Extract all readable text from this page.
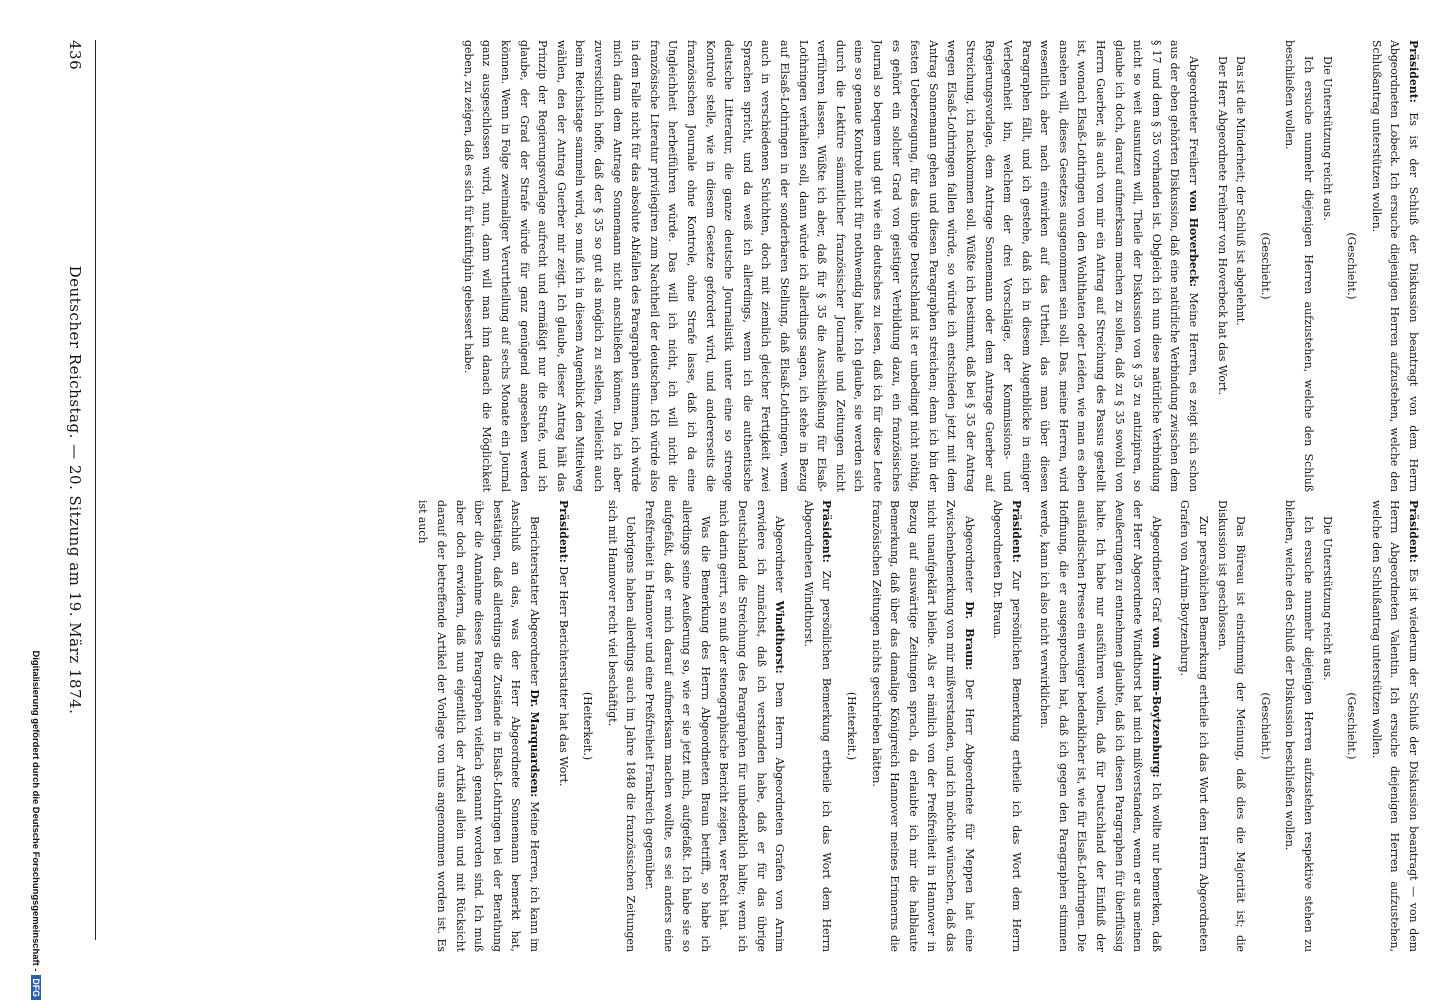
Präsident: Es ist der Schluß der Diskussion beantragt von dem Herrn Abgeordneten Lobeck. Ich ersuche diejenigen Herren aufzustehen, welche den Schlußantrag unterstützen wollen.

(Geschieht.)

Die Unterstützung reicht aus.

Ich ersuche nunmehr diejenigen Herren aufzustehen, welche den Schluß beschließen wollen.

(Geschieht.)

Das ist die Minderheit; der Schluß ist abgelehnt.

Der Herr Abgeordnete Freiherr von Hoverbeck hat das Wort.

Abgeordneter Freiherr von Hoverbeck: Meine Herren, es zeigt sich schon aus der eben gehörten Diskussion, daß eine natürliche Verbindung zwischen dem § 17 und dem § 35 vorhanden ist. Obgleich ich nun diese natürliche Verbindung nicht so weit ausnutzen will, Theile der Diskussion von § 35 zu antizipiren, so glaube ich doch, darauf aufmerksam machen zu sollen, daß zu § 35 sowohl von Herrn Guerber, als auch von mir ein Antrag auf Streichung des Passus gestellt ist, wonach Elsaß-Lothringen von den Wohlthaten oder Leiden, wie man es eben ansehen will, dieses Gesetzes ausgenommen sein soll. Das, meine Herren, wird wesentlich aber nach einwirken auf das Urtheil, das man über diesen Paragraphen fällt, und ich gestehe, daß ich in diesem Augenblicke in einiger Verlegenheit bin, welchem der drei Vorschläge, der Kommissions- und Regierungsvorlage, dem Antrage Sonnemann oder dem Antrage Guerber auf Streichung, ich nachkommen soll. Wüßte ich bestimmt, daß bei § 35 der Antrag wegen Elsaß-Lothringen fallen würde, so würde ich entschieden jetzt mit dem Antrag Sonnemann gehen und diesen Paragraphen streichen; denn ich bin der festen Ueberzeugung, für das übrige Deutschland ist er unbedingt nicht nöthig, es gehört ein solcher Grad von geistiger Verbildung dazu, ein französisches Journal so bequem und gut wie ein deutsches zu lesen, daß ich für diese Leute eine so genaue Kontrole nicht für nothwendig halte. Ich glaube, sie werden sich durch die Lektüre sämmtlicher französischer Journale und Zeitungen nicht verführen lassen. Wüßte ich aber, daß für § 35 die Ausschließung für Elsaß-Lothringen verhalten soll, dann würde ich allerdings sagen, ich stehe in Bezug auf Elsaß-Lothringen in der sonderbaren Stellung, daß Elsaß-Lothringen, wenn auch in verschiedenen Schichten, doch mit ziemlich gleicher Fertigkeit zwei Sprachen spricht, und da weiß ich allerdings, wenn ich die authentische deutsche Litteratur, die ganze deutsche Journalistik unter eine so strenge Kontrole stelle, wie in diesem Gesetze gefordert wird, und andererseits die französischen Journale ohne Kontrole, ohne Strafe lasse, daß ich da eine Ungleichheit herbeiführen würde. Das will ich nicht, ich will nicht die französische Literatur privilegiren zum Nachtheil der deutschen. Ich würde also in dem Falle nicht für das absolute Abfallen des Paragraphen stimmen, ich würde mich dann dem Antrage Sonnemann nicht anschließen können. Da ich aber zuversichtlich hoffe, daß der § 35 so gut als möglich zu stellen, vielleicht auch beim Reichstage sammeln wird, so muß ich in diesem Augenblick den Mittelweg wählen, den der Antrag Guerber mir zeigt. Ich glaube, dieser Antrag hält das Prinzip der Regierungsvorlage aufrecht und ermäßigt nur die Strafe, und ich glaube, der Grad der Strafe würde für ganz genügend angesehen werden können. Wenn in Folge zweimaliger Verurtheilung auf sechs Monate ein Journal ganz ausgeschlossen wird, nun, dann will man ihm danach die Möglichkeit geben, zu zeigen, daß es sich für künftighin gebessert habe.

Präsident: Es ist wiederum der Schluß der Diskussion beantragt — von dem Herrn Abgeordneten Valentin. Ich ersuche diejenigen Herren aufzustehen, welche den Schlußantrag unterstützen wollen.

(Geschieht.)

Die Unterstützung reicht aus.

Ich ersuche nunmehr diejenigen Herren aufzustehen respektive stehen zu bleiben, welche den Schluß der Diskussion beschließen wollen.

(Geschieht.)

Das Büreau ist einstimmig der Meinung, daß dies die Majorität ist; die Diskussion ist geschlossen.

Zur persönlichen Bemerkung ertheile ich das Wort dem Herrn Abgeordneten Grafen von Arnim-Boytzenburg.

Abgeordneter Graf von Arnim-Boytzenburg: Ich wollte nur bemerken, daß der Herr Abgeordnete Windthorst hat mich mißverstanden, wenn er aus meinen Aeußerungen zu entnehmen glaubte, daß ich diesen Paragraphen für überflüssig halte. Ich habe nur ausführen wollen, daß für Deutschland der Einfluß der ausländischen Presse ein weniger bedenklicher ist, wie für Elsaß-Lothringen. Die Hoffnung, die er ausgesprochen hat, daß ich gegen den Paragraphen stimmen werde, kann ich also nicht verwirklichen.

Präsident: Zur persönlichen Bemerkung ertheile ich das Wort dem Herrn Abgeordneten Dr. Braun.

Abgeordneter Dr. Braun: Der Herr Abgeordnete für Meppen hat eine Zwischenbemerkung von mir mißverstanden, und ich möchte wünschen, daß das nicht unaufgeklärt bleibe. Als er nämlich von der Preßfreiheit in Hannover in Bezug auf auswärtige Zeitungen sprach, da erlaubte ich mir die halblaute Bemerkung, daß über das damalige Königreich Hannover meines Erinnerns die französischen Zeitungen nichts geschrieben hätten.

(Heiterkeit.)

Präsident: Zur persönlichen Bemerkung ertheile ich das Wort dem Herrn Abgeordneten Windthorst.

Abgeordneter Windthorst: Dem Herrn Abgeordneten Grafen von Arnim erwidere ich zunächst, daß ich verstanden habe, daß er für das übrige Deutschland die Streichung des Paragraphen für unbedenklich halte; wenn ich mich darin geirrt, so muß der stenographische Bericht zeigen, wer Recht hat.

Was die Bemerkung des Herrn Abgeordneten Braun betrifft, so habe ich allerdings seine Aeußerung so, wie er sie jetzt mich, aufgefaßt. Ich habe sie so aufgefaßt, daß er mich darauf aufmerksam machen wollte, es sei anders eine Preßfreiheit in Hannover und eine Preßfreiheit Frankreich gegenüber.

Uebrigens haben allerdings auch im Jahre 1848 die französischen Zeitungen sich mit Hannover recht viel beschäftigt.

(Heiterkeit.)

Präsident: Der Herr Berichterstatter hat das Wort.

Berichterstatter Abgeordneter Dr. Marquardsen: Meine Herren, ich kann im Anschluß an das, was der Herr Abgeordnete Sonnemann bemerkt hat, bestätigen, daß allerdings die Zustände in Elsaß-Lothringen bei der Berathung über die Annahme dieses Paragraphen vielfach genannt worden sind. Ich muß aber doch erwidern, daß nun eigentlich der Artikel allein und mit Rücksicht darauf der betreffende Artikel der Vorlage von uns angenommen worden ist. Es ist auch

436
Deutscher Reichstag. — 20. Sitzung am 19. März 1874.
Digitalisierung gefördert durch die Deutsche Forschungsgemeinschaft -DFG
